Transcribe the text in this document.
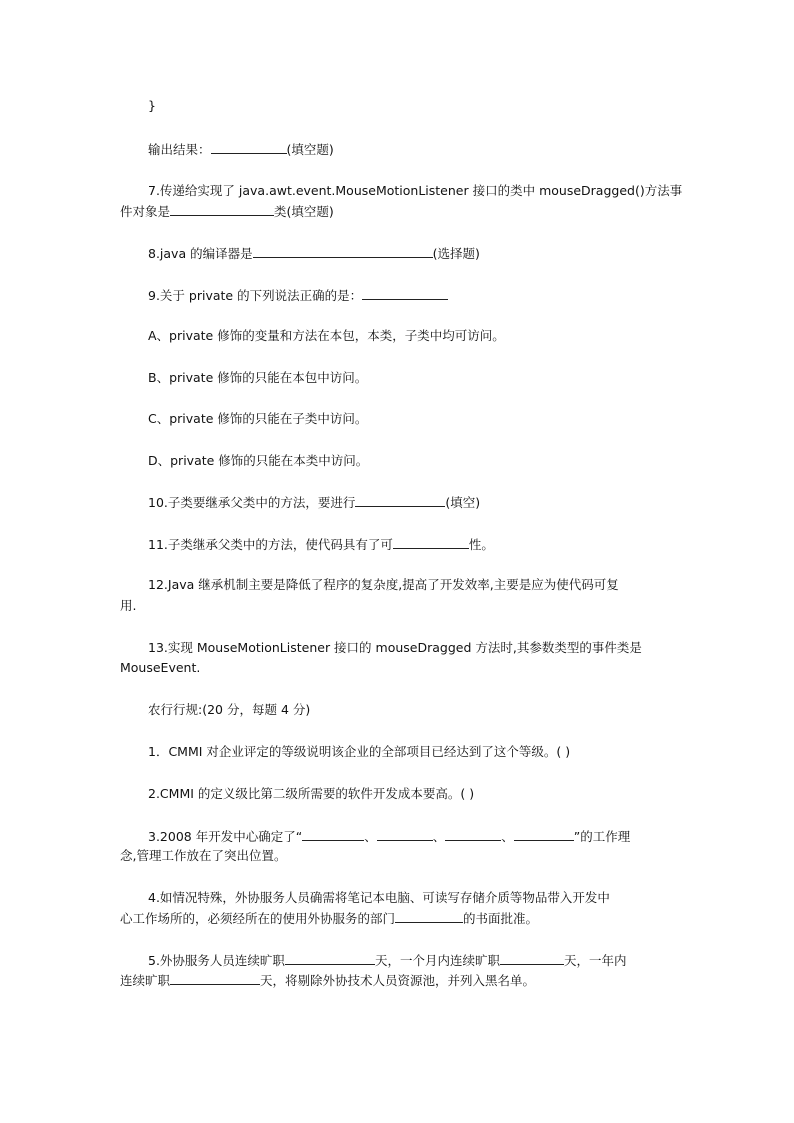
}
输出结果：	(填空题)
7.传递给实现了 java.awt.event.MouseMotionListener 接口的类中 mouseDragged()方法事
件对象是	类(填空题)
8.java 的编译器是	(选择题)
9.关于 private 的下列说法正确的是：
A、private 修饰的变量和方法在本包，本类，子类中均可访问。
B、private 修饰的只能在本包中访问。
C、private 修饰的只能在子类中访问。
D、private 修饰的只能在本类中访问。
10.子类要继承父类中的方法，要进行	(填空)
11.子类继承父类中的方法，使代码具有了可	性。
12.Java 继承机制主要是降低了程序的复杂度,提高了开发效率,主要是应为使代码可复
用.
13.实现 MouseMotionListener 接口的 mouseDragged 方法时,其参数类型的事件类是
MouseEvent.
农行行规:(20 分，每题 4 分)
1．CMMI 对企业评定的等级说明该企业的全部项目已经达到了这个等级。( )
2.CMMI 的定义级比第二级所需要的软件开发成本要高。( )
3.2008 年开发中心确定了“	、	、	、	”的工作理
念,管理工作放在了突出位置。
4.如情况特殊，外协服务人员确需将笔记本电脑、可读写存储介质等物品带入开发中
心工作场所的，必须经所在的使用外协服务的部门	的书面批准。
5.外协服务人员连续旷职	天，一个月内连续旷职	天，一年内
连续旷职	天，将剔除外协技术人员资源池，并列入黑名单。
